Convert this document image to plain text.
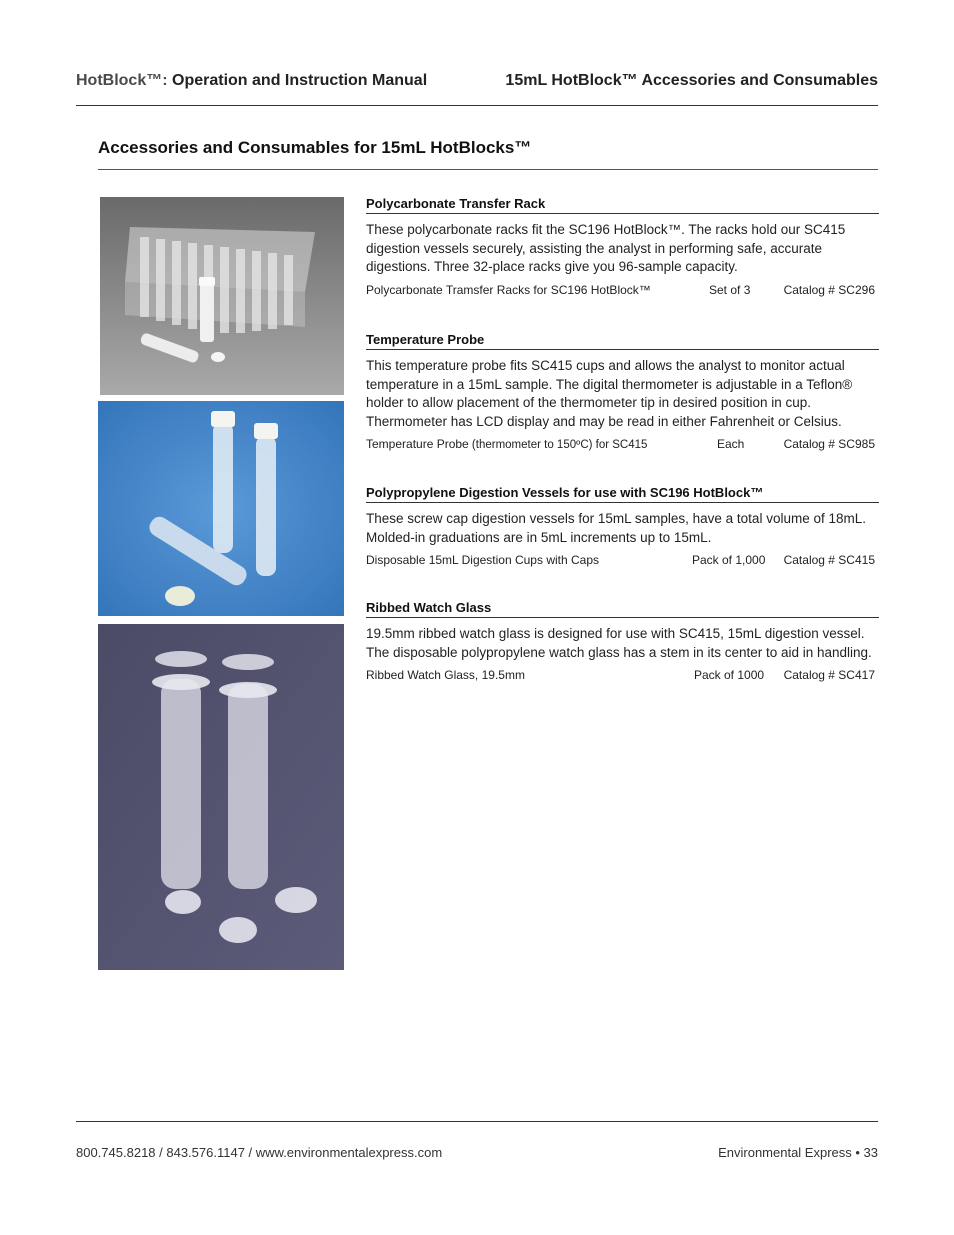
HotBlock™: Operation and Instruction Manual	15mL HotBlock™ Accessories and Consumables
Accessories and Consumables for 15mL HotBlocks™
Polycarbonate Transfer Rack
These polycarbonate racks fit the SC196 HotBlock™. The racks hold our SC415 digestion vessels securely, assisting the analyst in performing safe, accurate digestions. Three 32-place racks give you 96-sample capacity.
Polycarbonate Tramsfer Racks for SC196 HotBlock™	Set of 3	Catalog # SC296
Temperature Probe
This temperature probe fits SC415 cups and allows the analyst to monitor actual temperature in a 15mL sample. The digital thermometer is adjustable in a Teflon® holder to allow placement of the thermometer tip in desired position in cup. Thermometer has LCD display and may be read in either Fahrenheit or Celsius.
Temperature Probe (thermometer to 150ºC) for SC415	Each	Catalog # SC985
Polypropylene Digestion Vessels for use with SC196 HotBlock™
These screw cap digestion vessels for 15mL samples, have a total volume of 18mL. Molded-in graduations are in 5mL increments up to 15mL.
Disposable 15mL Digestion Cups with Caps	Pack of 1,000 Catalog # SC415
Ribbed Watch Glass
19.5mm ribbed watch glass is designed for use with SC415, 15mL digestion vessel. The disposable polypropylene watch glass has a stem in its center to aid in handling.
Ribbed Watch Glass, 19.5mm	Pack of 1000 Catalog # SC417
800.745.8218 / 843.576.1147 / www.environmentalexpress.com	Environmental Express • 33
